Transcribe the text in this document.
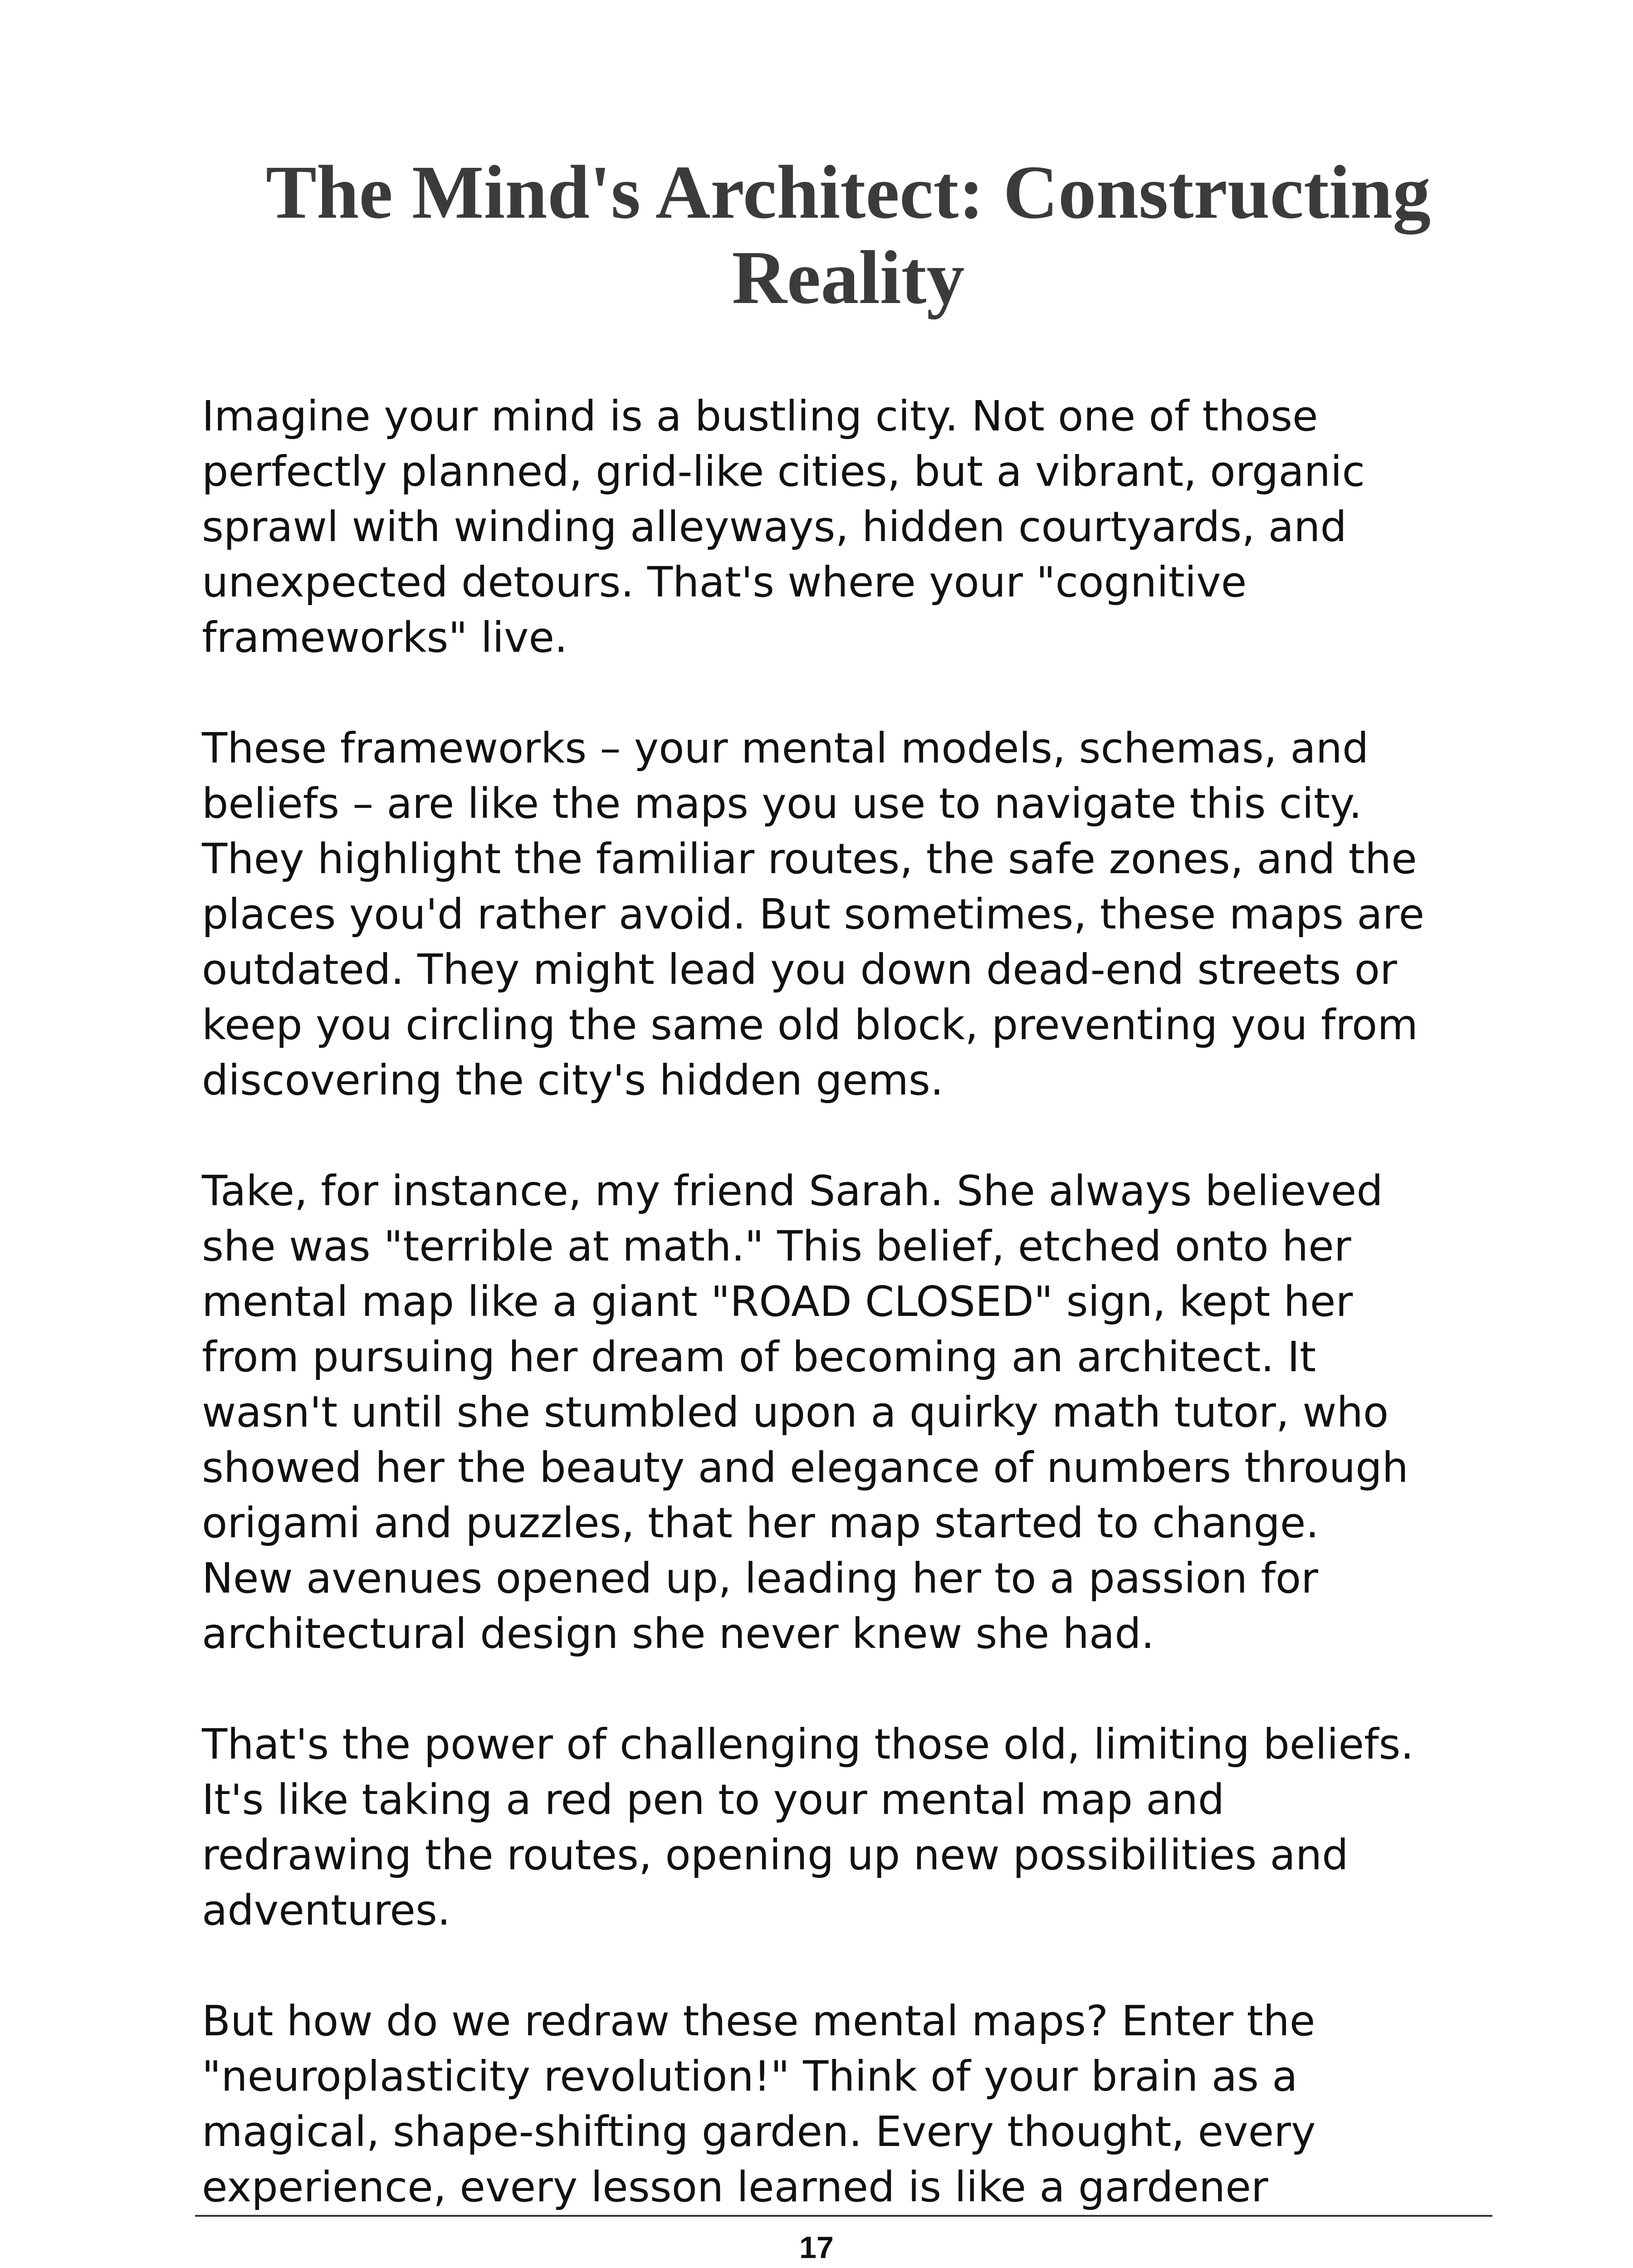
The Mind's Architect: Constructing Reality

Imagine your mind is a bustling city. Not one of those
perfectly planned, grid-like cities, but a vibrant, organic
sprawl with winding alleyways, hidden courtyards, and
unexpected detours. That's where your "cognitive
frameworks" live.

These frameworks – your mental models, schemas, and
beliefs – are like the maps you use to navigate this city.
They highlight the familiar routes, the safe zones, and the
places you'd rather avoid. But sometimes, these maps are
outdated. They might lead you down dead-end streets or
keep you circling the same old block, preventing you from
discovering the city's hidden gems.

Take, for instance, my friend Sarah. She always believed
she was "terrible at math." This belief, etched onto her
mental map like a giant "ROAD CLOSED" sign, kept her
from pursuing her dream of becoming an architect. It
wasn't until she stumbled upon a quirky math tutor, who
showed her the beauty and elegance of numbers through
origami and puzzles, that her map started to change.
New avenues opened up, leading her to a passion for
architectural design she never knew she had.

That's the power of challenging those old, limiting beliefs.
It's like taking a red pen to your mental map and
redrawing the routes, opening up new possibilities and
adventures.

But how do we redraw these mental maps? Enter the
"neuroplasticity revolution!" Think of your brain as a
magical, shape-shifting garden. Every thought, every
experience, every lesson learned is like a gardener

17
